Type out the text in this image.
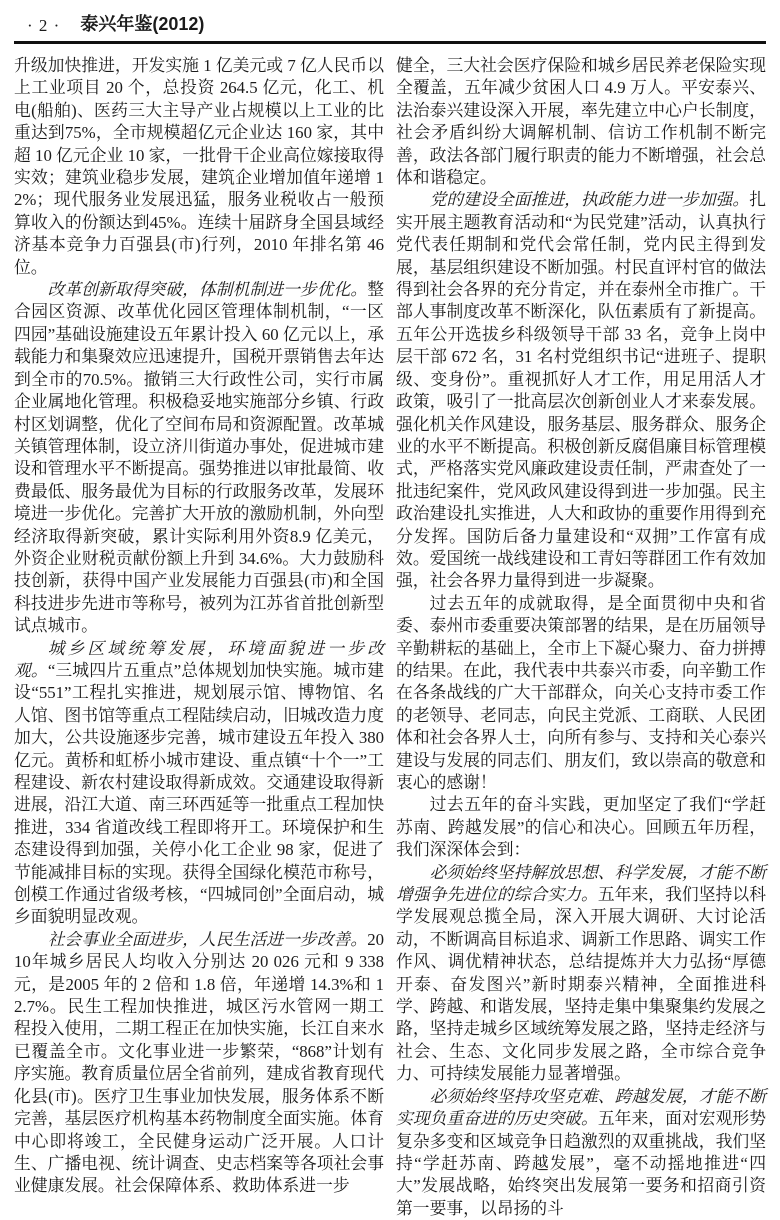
· 2 · 泰兴年鉴(2012)

升级加快推进，开发实施 1 亿美元或 7 亿人民币以上工业项目 20 个，总投资 264.5 亿元，化工、机电(船舶)、医药三大主导产业占规模以上工业的比重达到75%，全市规模超亿元企业达 160 家，其中超 10 亿元企业 10 家，一批骨干企业高位嫁接取得实效；建筑业稳步发展，建筑企业增加值年递增 12%；现代服务业发展迅猛，服务业税收占一般预算收入的份额达到45%。连续十届跻身全国县域经济基本竞争力百强县(市)行列，2010 年排名第 46 位。

改革创新取得突破，体制机制进一步优化。整合园区资源、改革优化园区管理体制机制，“一区四园”基础设施建设五年累计投入 60 亿元以上，承载能力和集聚效应迅速提升，国税开票销售去年达到全市的70.5%。撤销三大行政性公司，实行市属企业属地化管理。积极稳妥地实施部分乡镇、行政村区划调整，优化了空间布局和资源配置。改革城关镇管理体制，设立济川街道办事处，促进城市建设和管理水平不断提高。强势推进以审批最简、收费最低、服务最优为目标的行政服务改革，发展环境进一步优化。完善扩大开放的激励机制，外向型经济取得新突破，累计实际利用外资8.9 亿美元，外资企业财税贡献份额上升到 34.6%。大力鼓励科技创新，获得中国产业发展能力百强县(市)和全国科技进步先进市等称号，被列为江苏省首批创新型试点城市。

城乡区域统筹发展，环境面貌进一步改观。“三城四片五重点”总体规划加快实施。城市建设“551”工程扎实推进，规划展示馆、博物馆、名人馆、图书馆等重点工程陆续启动，旧城改造力度加大，公共设施逐步完善，城市建设五年投入 380 亿元。黄桥和虹桥小城市建设、重点镇“十个一”工程建设、新农村建设取得新成效。交通建设取得新进展，沿江大道、南三环西延等一批重点工程加快推进，334 省道改线工程即将开工。环境保护和生态建设得到加强，关停小化工企业 98 家，促进了节能减排目标的实现。获得全国绿化模范市称号，创模工作通过省级考核，“四城同创”全面启动，城乡面貌明显改观。

社会事业全面进步，人民生活进一步改善。2010年城乡居民人均收入分别达 20 026 元和 9 338 元，是2005 年的 2 倍和 1.8 倍，年递增 14.3%和 12.7%。民生工程加快推进，城区污水管网一期工程投入使用，二期工程正在加快实施，长江自来水已覆盖全市。文化事业进一步繁荣，“868”计划有序实施。教育质量位居全省前列，建成省教育现代化县(市)。医疗卫生事业加快发展，服务体系不断完善，基层医疗机构基本药物制度全面实施。体育中心即将竣工，全民健身运动广泛开展。人口计生、广播电视、统计调查、史志档案等各项社会事业健康发展。社会保障体系、救助体系进一步

健全，三大社会医疗保险和城乡居民养老保险实现全覆盖，五年减少贫困人口 4.9 万人。平安泰兴、法治泰兴建设深入开展，率先建立中心户长制度，社会矛盾纠纷大调解机制、信访工作机制不断完善，政法各部门履行职责的能力不断增强，社会总体和谐稳定。

党的建设全面推进，执政能力进一步加强。扎实开展主题教育活动和“为民党建”活动，认真执行党代表任期制和党代会常任制，党内民主得到发展，基层组织建设不断加强。村民直评村官的做法得到社会各界的充分肯定，并在泰州全市推广。干部人事制度改革不断深化，队伍素质有了新提高。五年公开选拔乡科级领导干部 33 名，竞争上岗中层干部 672 名，31 名村党组织书记“进班子、提职级、变身份”。重视抓好人才工作，用足用活人才政策，吸引了一批高层次创新创业人才来泰发展。强化机关作风建设，服务基层、服务群众、服务企业的水平不断提高。积极创新反腐倡廉目标管理模式，严格落实党风廉政建设责任制，严肃查处了一批违纪案件，党风政风建设得到进一步加强。民主政治建设扎实推进，人大和政协的重要作用得到充分发挥。国防后备力量建设和“双拥”工作富有成效。爱国统一战线建设和工青妇等群团工作有效加强，社会各界力量得到进一步凝聚。

过去五年的成就取得，是全面贯彻中央和省委、泰州市委重要决策部署的结果，是在历届领导辛勤耕耘的基础上，全市上下凝心聚力、奋力拼搏的结果。在此，我代表中共泰兴市委，向辛勤工作在各条战线的广大干部群众，向关心支持市委工作的老领导、老同志，向民主党派、工商联、人民团体和社会各界人士，向所有参与、支持和关心泰兴建设与发展的同志们、朋友们，致以崇高的敬意和衷心的感谢！

过去五年的奋斗实践，更加坚定了我们“学赶苏南、跨越发展”的信心和决心。回顾五年历程，我们深深体会到：

必须始终坚持解放思想、科学发展，才能不断增强争先进位的综合实力。五年来，我们坚持以科学发展观总揽全局，深入开展大调研、大讨论活动，不断调高目标追求、调新工作思路、调实工作作风、调优精神状态，总结提炼并大力弘扬“厚德开泰、奋发图兴”新时期泰兴精神，全面推进科学、跨越、和谐发展，坚持走集中集聚集约发展之路，坚持走城乡区域统筹发展之路，坚持走经济与社会、生态、文化同步发展之路，全市综合竞争力、可持续发展能力显著增强。

必须始终坚持攻坚克难、跨越发展，才能不断实现负重奋进的历史突破。五年来，面对宏观形势复杂多变和区域竞争日趋激烈的双重挑战，我们坚持“学赶苏南、跨越发展”，毫不动摇地推进“四大”发展战略，始终突出发展第一要务和招商引资第一要事，以昂扬的斗
